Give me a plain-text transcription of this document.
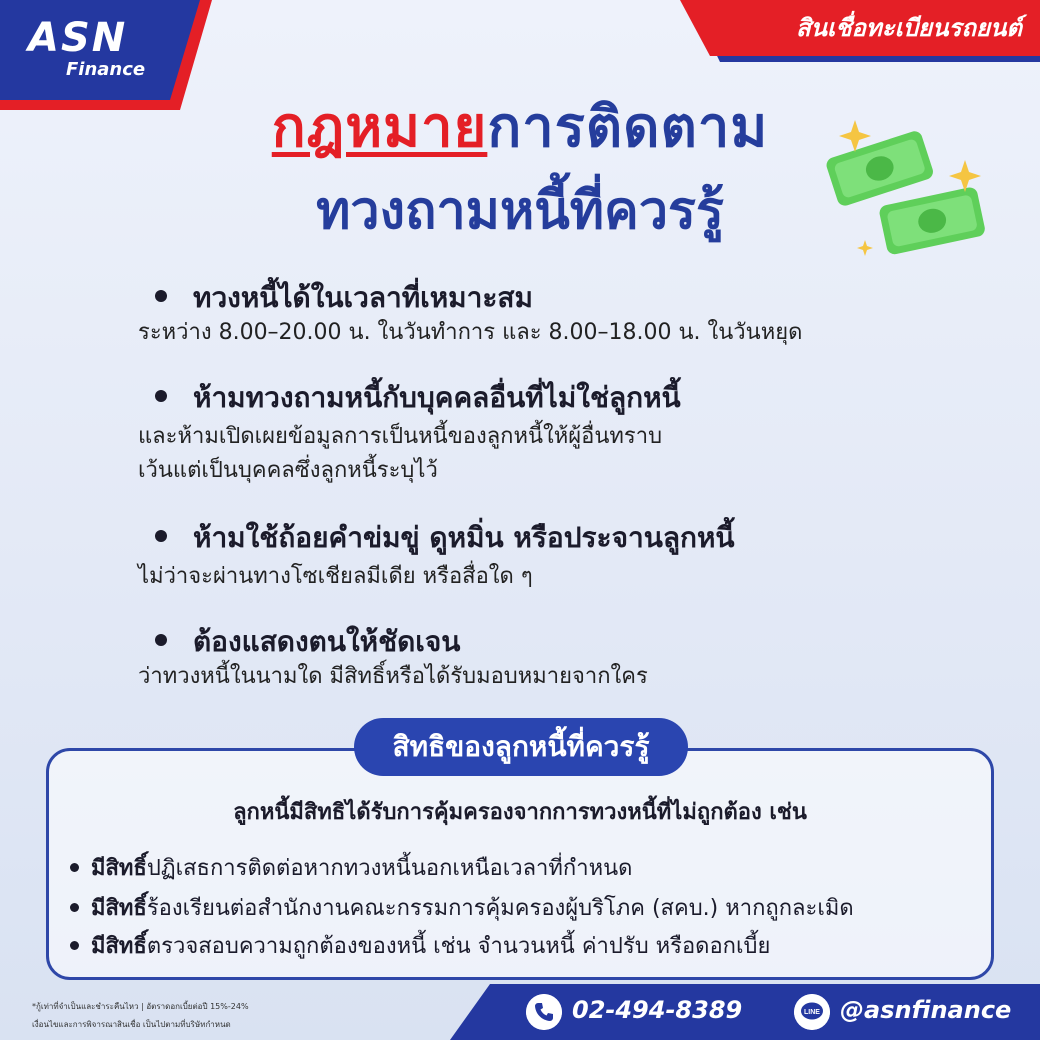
ASN
Finance
สินเชื่อทะเบียนรถยนต์
กฎหมายการติดตาม
ทวงถามหนี้ที่ควรรู้
ทวงหนี้ได้ในเวลาที่เหมาะสม
ระหว่าง 8.00–20.00 น. ในวันทำการ และ 8.00–18.00 น. ในวันหยุด
ห้ามทวงถามหนี้กับบุคคลอื่นที่ไม่ใช่ลูกหนี้
และห้ามเปิดเผยข้อมูลการเป็นหนี้ของลูกหนี้ให้ผู้อื่นทราบ
เว้นแต่เป็นบุคคลซึ่งลูกหนี้ระบุไว้
ห้ามใช้ถ้อยคำข่มขู่ ดูหมิ่น หรือประจานลูกหนี้
ไม่ว่าจะผ่านทางโซเชียลมีเดีย หรือสื่อใด ๆ
ต้องแสดงตนให้ชัดเจน
ว่าทวงหนี้ในนามใด มีสิทธิ์หรือได้รับมอบหมายจากใคร
สิทธิของลูกหนี้ที่ควรรู้
ลูกหนี้มีสิทธิได้รับการคุ้มครองจากการทวงหนี้ที่ไม่ถูกต้อง เช่น
มีสิทธิ์ปฏิเสธการติดต่อหากทวงหนี้นอกเหนือเวลาที่กำหนด
มีสิทธิ์ร้องเรียนต่อสำนักงานคณะกรรมการคุ้มครองผู้บริโภค (สคบ.) หากถูกละเมิด
มีสิทธิ์ตรวจสอบความถูกต้องของหนี้ เช่น จำนวนหนี้ ค่าปรับ หรือดอกเบี้ย
*กู้เท่าที่จำเป็นและชำระคืนไหว | อัตราดอกเบี้ยต่อปี 15%-24%
เงื่อนไขและการพิจารณาสินเชื่อ เป็นไปตามที่บริษัทกำหนด
02-494-8389	LINE @asnfinance
